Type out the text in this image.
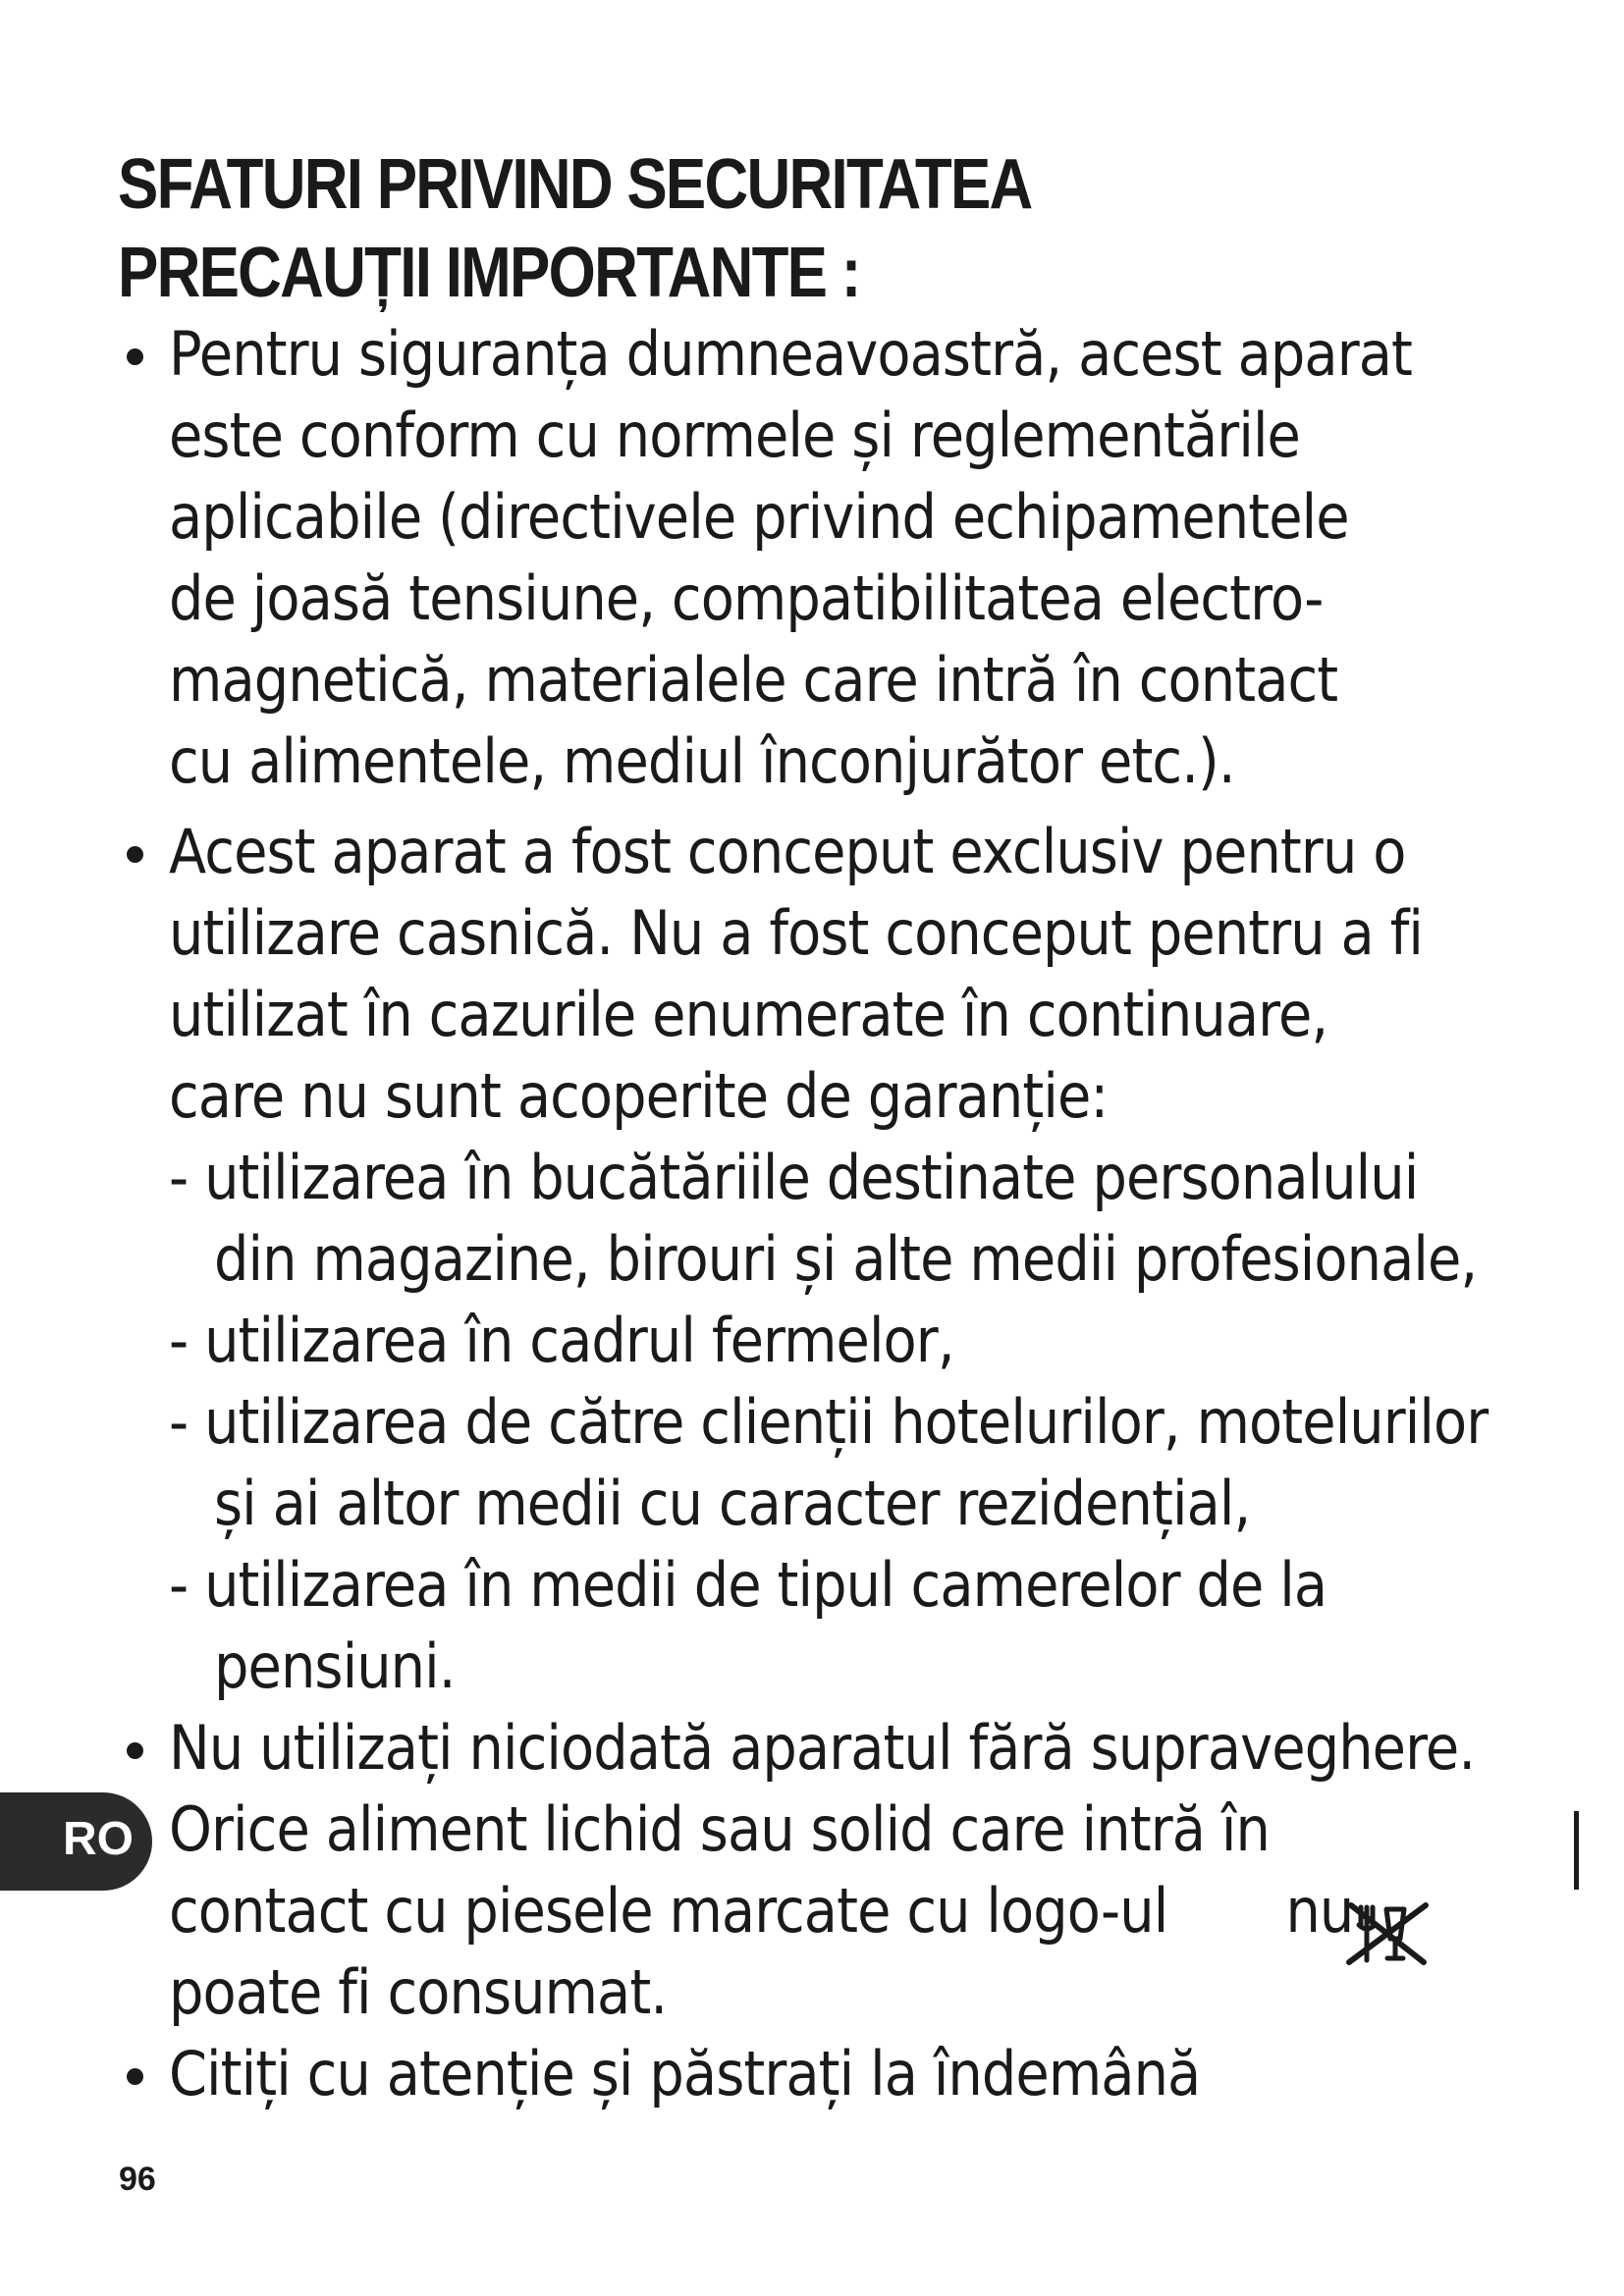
SFATURI PRIVIND SECURITATEA
PRECAUȚII IMPORTANTE :
Pentru siguranța dumneavoastră, acest aparat
este conform cu normele și reglementările
aplicabile (directivele privind echipamentele
de joasă tensiune, compatibilitatea electro-
magnetică, materialele care intră în contact
cu alimentele, mediul înconjurător etc.).
Acest aparat a fost conceput exclusiv pentru o
utilizare casnică. Nu a fost conceput pentru a fi
utilizat în cazurile enumerate în continuare,
care nu sunt acoperite de garanție:
- utilizarea în bucătăriile destinate personalului
din magazine, birouri și alte medii profesionale,
- utilizarea în cadrul fermelor,
- utilizarea de către clienții hotelurilor, motelurilor
și ai altor medii cu caracter rezidențial,
- utilizarea în medii de tipul camerelor de la
pensiuni.
Nu utilizați niciodată aparatul fără supraveghere.
RO Orice aliment lichid sau solid care intră în
contact cu piesele marcate cu logo-ul nu
poate fi consumat.
Citiți cu atenție și păstrați la îndemână
96
